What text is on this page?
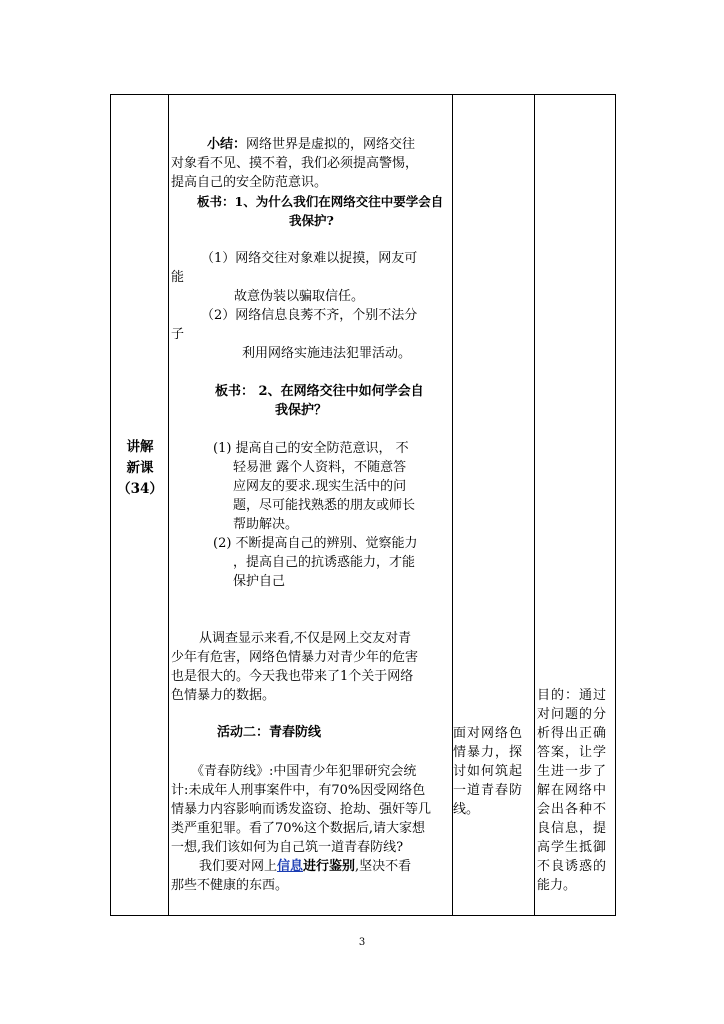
讲解
新课
（34）
小结：网络世界是虚拟的，网络交往
对象看不见、摸不着，我们必须提高警惕，
提高自己的安全防范意识。
板书：1、为什么我们在网络交往中要学会自
我保护?
（1）网络交往对象难以捉摸，网友可
能
故意伪装以骗取信任。
（2）网络信息良莠不齐，个别不法分
子
利用网络实施违法犯罪活动。
板书： 2、在网络交往中如何学会自
我保护？
(1) 提高自己的安全防范意识， 不
轻易泄 露个人资料，不随意答
应网友的要求.现实生活中的问
题，尽可能找熟悉的朋友或师长
帮助解决。
(2) 不断提高自己的辨别、觉察能力
，提高自己的抗诱惑能力，才能
保护自己
从调查显示来看,不仅是网上交友对青
少年有危害，网络色情暴力对青少年的危害
也是很大的。今天我也带来了1个关于网络
色情暴力的数据。
活动二：青春防线
《青春防线》:中国青少年犯罪研究会统
计:未成年人刑事案件中，有70%因受网络色
情暴力内容影响而诱发盗窃、抢劫、强奸等几
类严重犯罪。看了70%这个数据后,请大家想
一想,我们该如何为自己筑一道青春防线?
我们要对网上信息进行鉴别,坚决不看
那些不健康的东西。
面对网络色
情暴力，探
讨如何筑起
一道青春防
线。
目的：通过
对问题的分
析得出正确
答案，让学
生进一步了
解在网络中
会出各种不
良信息，提
高学生抵御
不良诱惑的
能力。
3
